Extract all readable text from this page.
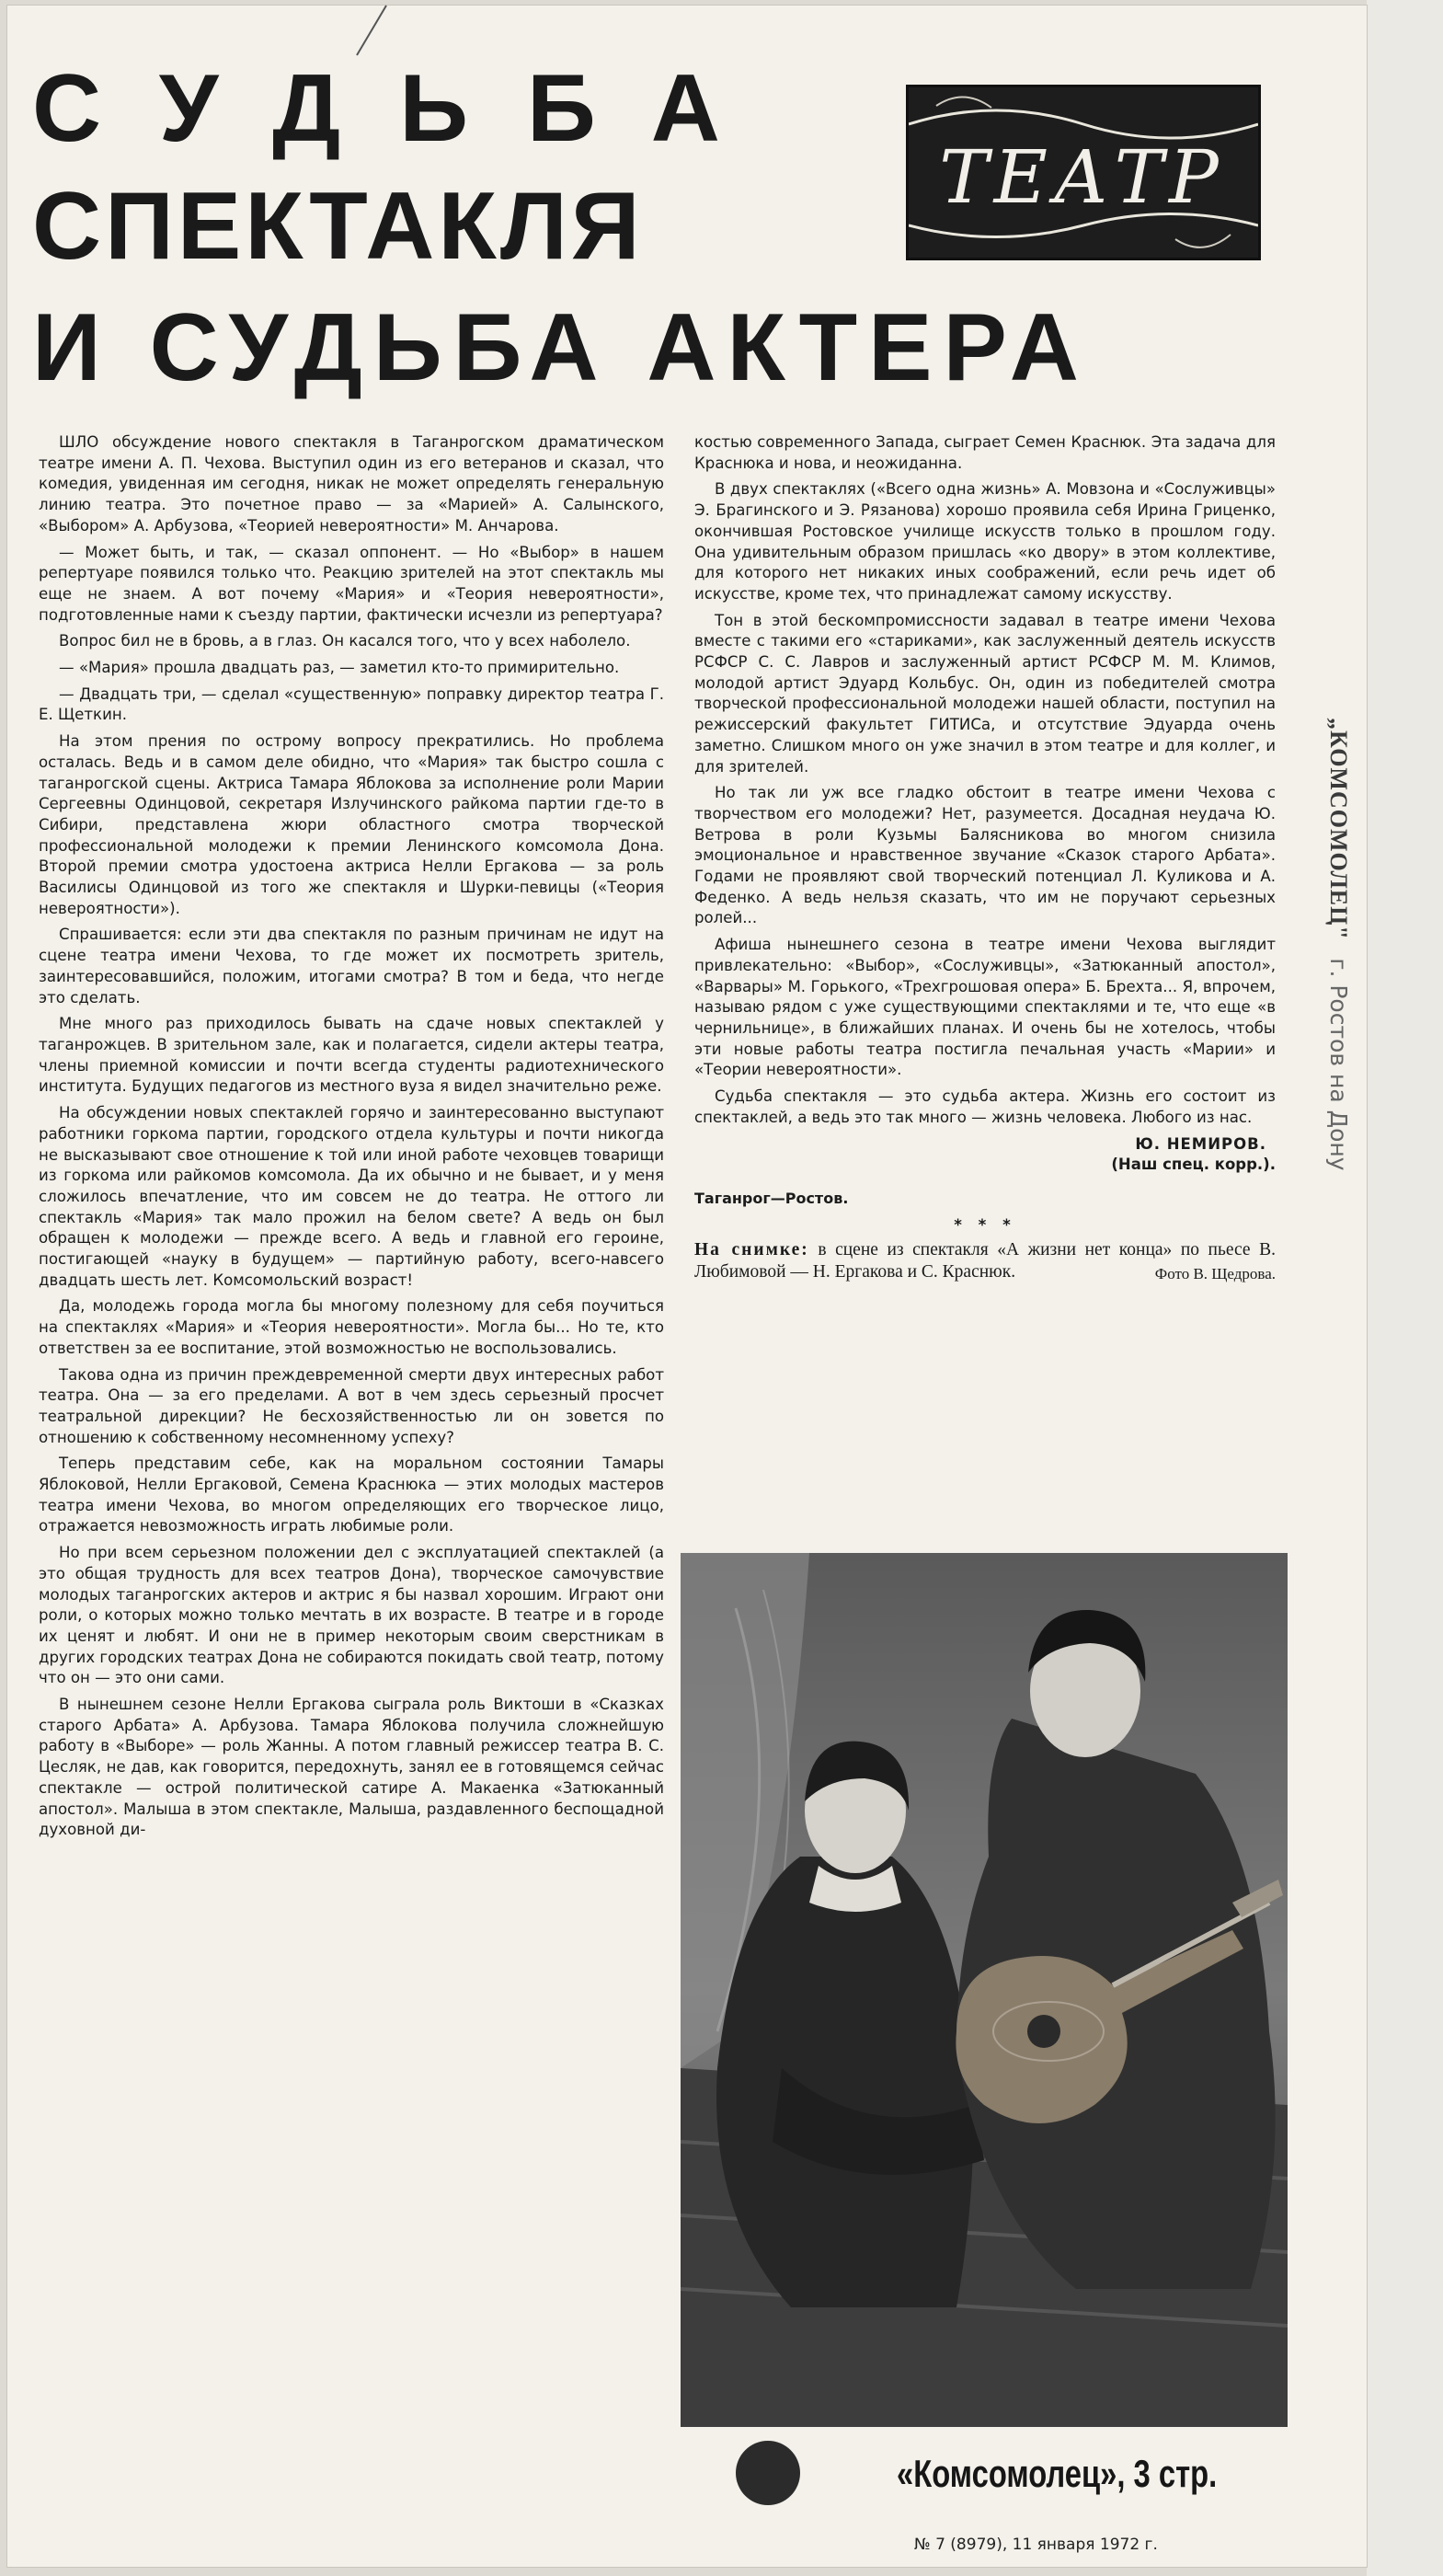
СУДЬБА
СПЕКТАКЛЯ
И СУДЬБА АКТЕРА
ТЕАТР
„КОМСОМОЛЕЦ"   г. Ростов на Дону

ШЛО обсуждение нового спектакля в Таганрогском драматическом театре имени А. П. Чехова. Выступил один из его ветеранов и сказал, что комедия, увиденная им сегодня, никак не может определять генеральную линию театра. Это почетное право — за «Марией» А. Салынского, «Выбором» А. Арбузова, «Теорией невероятности» М. Анчарова.

— Может быть, и так, — сказал оппонент. — Но «Выбор» в нашем репертуаре появился только что. Реакцию зрителей на этот спектакль мы еще не знаем. А вот почему «Мария» и «Теория невероятности», подготовленные нами к съезду партии, фактически исчезли из репертуара?

Вопрос бил не в бровь, а в глаз. Он касался того, что у всех наболело.

— «Мария» прошла двадцать раз, — заметил кто-то примирительно.

— Двадцать три, — сделал «существенную» поправку директор театра Г. Е. Щеткин.

На этом прения по острому вопросу прекратились. Но проблема осталась. Ведь и в самом деле обидно, что «Мария» так быстро сошла с таганрогской сцены. Актриса Тамара Яблокова за исполнение роли Марии Сергеевны Одинцовой, секретаря Излучинского райкома партии где-то в Сибири, представлена жюри областного смотра творческой профессиональной молодежи к премии Ленинского комсомола Дона. Второй премии смотра удостоена актриса Нелли Ергакова — за роль Василисы Одинцовой из того же спектакля и Шурки-певицы («Теория невероятности»).

Спрашивается: если эти два спектакля по разным причинам не идут на сцене театра имени Чехова, то где может их посмотреть зритель, заинтересовавшийся, положим, итогами смотра? В том и беда, что негде это сделать.

Мне много раз приходилось бывать на сдаче новых спектаклей у таганрожцев. В зрительном зале, как и полагается, сидели актеры театра, члены приемной комиссии и почти всегда студенты радиотехнического института. Будущих педагогов из местного вуза я видел значительно реже.

На обсуждении новых спектаклей горячо и заинтересованно выступают работники горкома партии, городского отдела культуры и почти никогда не высказывают свое отношение к той или иной работе чеховцев товарищи из горкома или райкомов комсомола. Да их обычно и не бывает, и у меня сложилось впечатление, что им совсем не до театра. Не оттого ли спектакль «Мария» так мало прожил на белом свете? А ведь он был обращен к молодежи — прежде всего. А ведь и главной его героине, постигающей «науку в будущем» — партийную работу, всего-навсего двадцать шесть лет. Комсомольский возраст!

Да, молодежь города могла бы многому полезному для себя поучиться на спектаклях «Мария» и «Теория невероятности». Могла бы... Но те, кто ответствен за ее воспитание, этой возможностью не воспользовались.

Такова одна из причин преждевременной смерти двух интересных работ театра. Она — за его пределами. А вот в чем здесь серьезный просчет театральной дирекции? Не бесхозяйственностью ли он зовется по отношению к собственному несомненному успеху?

Теперь представим себе, как на моральном состоянии Тамары Яблоковой, Нелли Ергаковой, Семена Краснюка — этих молодых мастеров театра имени Чехова, во многом определяющих его творческое лицо, отражается невозможность играть любимые роли.

Но при всем серьезном положении дел с эксплуатацией спектаклей (а это общая трудность для всех театров Дона), творческое самочувствие молодых таганрогских актеров и актрис я бы назвал хорошим. Играют они роли, о которых можно только мечтать в их возрасте. В театре и в городе их ценят и любят. И они не в пример некоторым своим сверстникам в других городских театрах Дона не собираются покидать свой театр, потому что он — это они сами.

В нынешнем сезоне Нелли Ергакова сыграла роль Виктоши в «Сказках старого Арбата» А. Арбузова. Тамара Яблокова получила сложнейшую работу в «Выборе» — роль Жанны. А потом главный режиссер театра В. С. Цесляк, не дав, как говорится, передохнуть, занял ее в готовящемся сейчас спектакле — острой политической сатире А. Макаенка «Затюканный апостол». Малыша в этом спектакле, Малыша, раздавленного беспощадной духовной ди-

костью современного Запада, сыграет Семен Краснюк. Эта задача для Краснюка и нова, и неожиданна.

В двух спектаклях («Всего одна жизнь» А. Мовзона и «Сослуживцы» Э. Брагинского и Э. Рязанова) хорошо проявила себя Ирина Гриценко, окончившая Ростовское училище искусств только в прошлом году. Она удивительным образом пришлась «ко двору» в этом коллективе, для которого нет никаких иных соображений, если речь идет об искусстве, кроме тех, что принадлежат самому искусству.

Тон в этой бескомпромиссности задавал в театре имени Чехова вместе с такими его «стариками», как заслуженный деятель искусств РСФСР С. С. Лавров и заслуженный артист РСФСР М. М. Климов, молодой артист Эдуард Кольбус. Он, один из победителей смотра творческой профессиональной молодежи нашей области, поступил на режиссерский факультет ГИТИСа, и отсутствие Эдуарда очень заметно. Слишком много он уже значил в этом театре и для коллег, и для зрителей.

Но так ли уж все гладко обстоит в театре имени Чехова с творчеством его молодежи? Нет, разумеется. Досадная неудача Ю. Ветрова в роли Кузьмы Балясникова во многом снизила эмоциональное и нравственное звучание «Сказок старого Арбата». Годами не проявляют свой творческий потенциал Л. Куликова и А. Феденко. А ведь нельзя сказать, что им не поручают серьезных ролей...

Афиша нынешнего сезона в театре имени Чехова выглядит привлекательно: «Выбор», «Сослуживцы», «Затюканный апостол», «Варвары» М. Горького, «Трехгрошовая опера» Б. Брехта... Я, впрочем, называю рядом с уже существующими спектаклями и те, что еще «в чернильнице», в ближайших планах. И очень бы не хотелось, чтобы эти новые работы театра постигла печальная участь «Марии» и «Теории невероятности».

Судьба спектакля — это судьба актера. Жизнь его состоит из спектаклей, а ведь это так много — жизнь человека. Любого из нас.

Ю. НЕМИРОВ.
(Наш спец. корр.).
Таганрог—Ростов.
* * *
На снимке: в сцене из спектакля «А жизни нет конца» по пьесе В. Любимовой — Н. Ергакова и С. Краснюк.	Фото В. Щедрова.
«Комсомолец», 3 стр.
№ 7 (8979), 11 января 1972 г.
